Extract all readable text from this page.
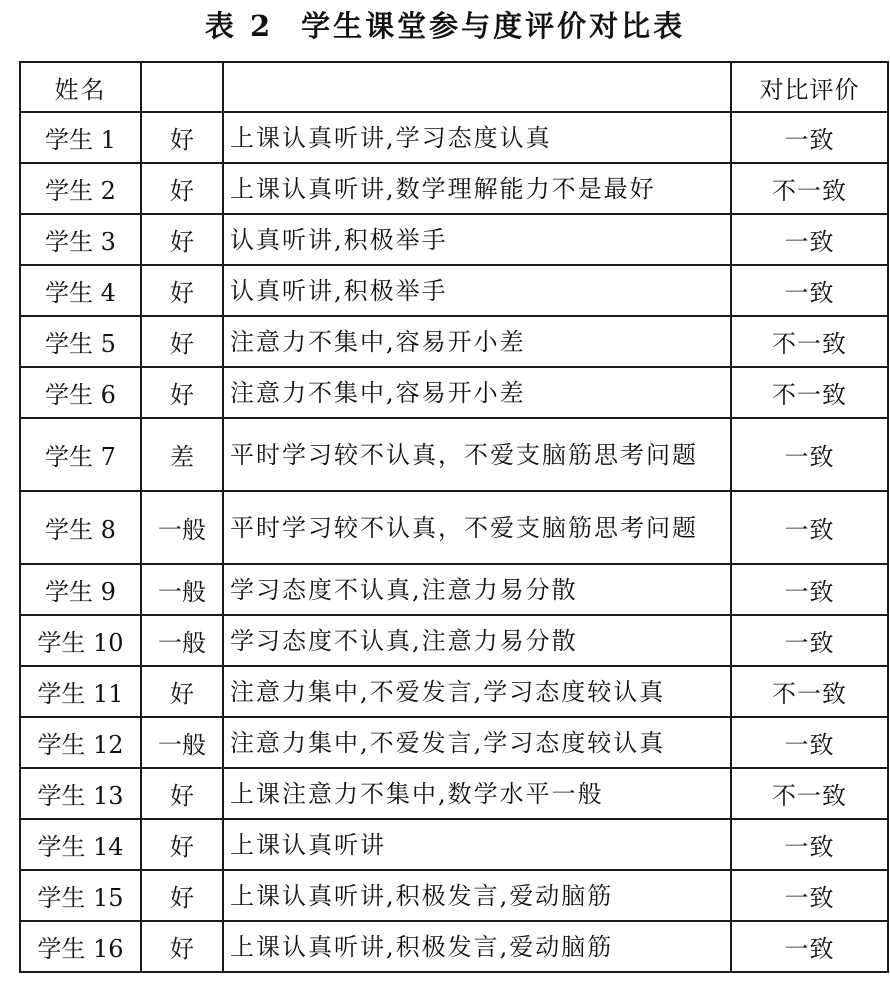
表 2 学生课堂参与度评价对比表
姓名			对比评价
学生 1	好	上课认真听讲,学习态度认真	一致
学生 2	好	上课认真听讲,数学理解能力不是最好	不一致
学生 3	好	认真听讲,积极举手	一致
学生 4	好	认真听讲,积极举手	一致
学生 5	好	注意力不集中,容易开小差	不一致
学生 6	好	注意力不集中,容易开小差	不一致
学生 7	差	平时学习较不认真，不爱支脑筋思考问题	一致
学生 8	一般	平时学习较不认真，不爱支脑筋思考问题	一致
学生 9	一般	学习态度不认真,注意力易分散	一致
学生 10	一般	学习态度不认真,注意力易分散	一致
学生 11	好	注意力集中,不爱发言,学习态度较认真	不一致
学生 12	一般	注意力集中,不爱发言,学习态度较认真	一致
学生 13	好	上课注意力不集中,数学水平一般	不一致
学生 14	好	上课认真听讲	一致
学生 15	好	上课认真听讲,积极发言,爱动脑筋	一致
学生 16	好	上课认真听讲,积极发言,爱动脑筋	一致
